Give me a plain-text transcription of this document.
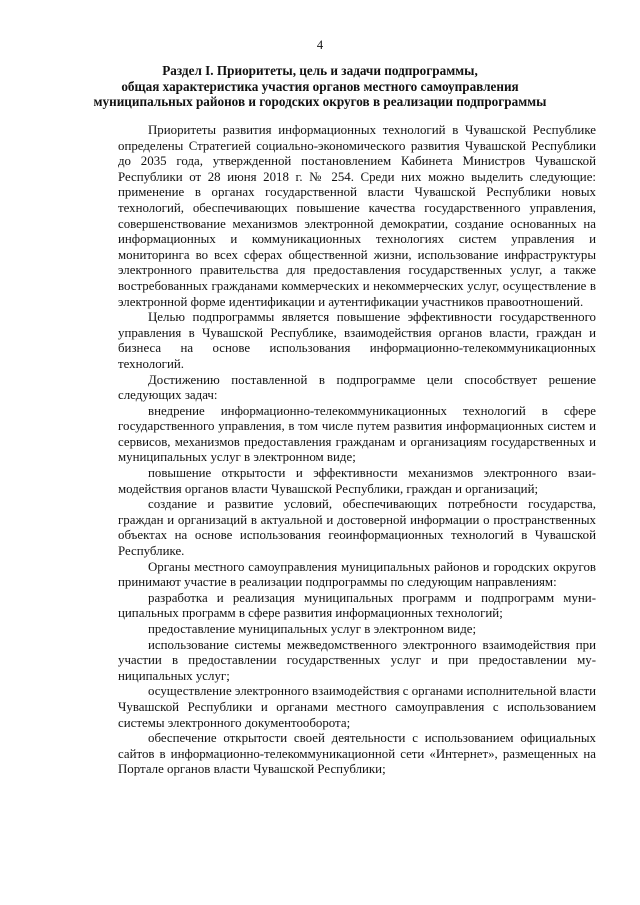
4
Раздел I. Приоритеты, цель и задачи подпрограммы,
общая характеристика участия органов местного самоуправления
муниципальных районов и городских округов в реализации подпрограммы

Приоритеты развития информационных технологий в Чувашской Республике определены Стратегией социально-экономического развития Чувашской Республики до 2035 года, утвержденной постановлением Кабинета Министров Чувашской Республики от 28 июня 2018 г. № 254. Среди них можно выделить следующие: применение в органах государственной власти Чувашской Республики новых технологий, обеспечивающих повышение качества государственного управления, совершенствование механизмов электронной демократии, создание основанных на информационных и коммуникационных технологиях систем управления и мониторинга во всех сферах общественной жизни, использование инфраструктуры электронного правительства для предоставления государственных услуг, а также востребованных гражданами коммерческих и некоммерческих услуг, осуществление в электронной форме идентификации и аутентификации участников правоотношений.

Целью подпрограммы является повышение эффективности государственного управления в Чувашской Республике, взаимодействия органов власти, граждан и бизнеса на основе использования информационно-телекоммуникационных технологий.

Достижению поставленной в подпрограмме цели способствует решение следующих задач:

внедрение информационно-телекоммуникационных технологий в сфере государственного управления, в том числе путем развития информационных систем и сервисов, механизмов предоставления гражданам и организациям государственных и муниципальных услуг в электронном виде;

повышение открытости и эффективности механизмов электронного взаимодействия органов власти Чувашской Республики, граждан и организаций;

создание и развитие условий, обеспечивающих потребности государства, граждан и организаций в актуальной и достоверной информации о пространственных объектах на основе использования геоинформационных технологий в Чувашской Республике.

Органы местного самоуправления муниципальных районов и городских округов принимают участие в реализации подпрограммы по следующим направлениям:

разработка и реализация муниципальных программ и подпрограмм муниципальных программ в сфере развития информационных технологий;

предоставление муниципальных услуг в электронном виде;

использование системы межведомственного электронного взаимодействия при участии в предоставлении государственных услуг и при предоставлении муниципальных услуг;

осуществление электронного взаимодействия с органами исполнительной власти Чувашской Республики и органами местного самоуправления с использованием системы электронного документооборота;

обеспечение открытости своей деятельности с использованием официальных сайтов в информационно-телекоммуникационной сети «Интернет», размещенных на Портале органов власти Чувашской Республики;
